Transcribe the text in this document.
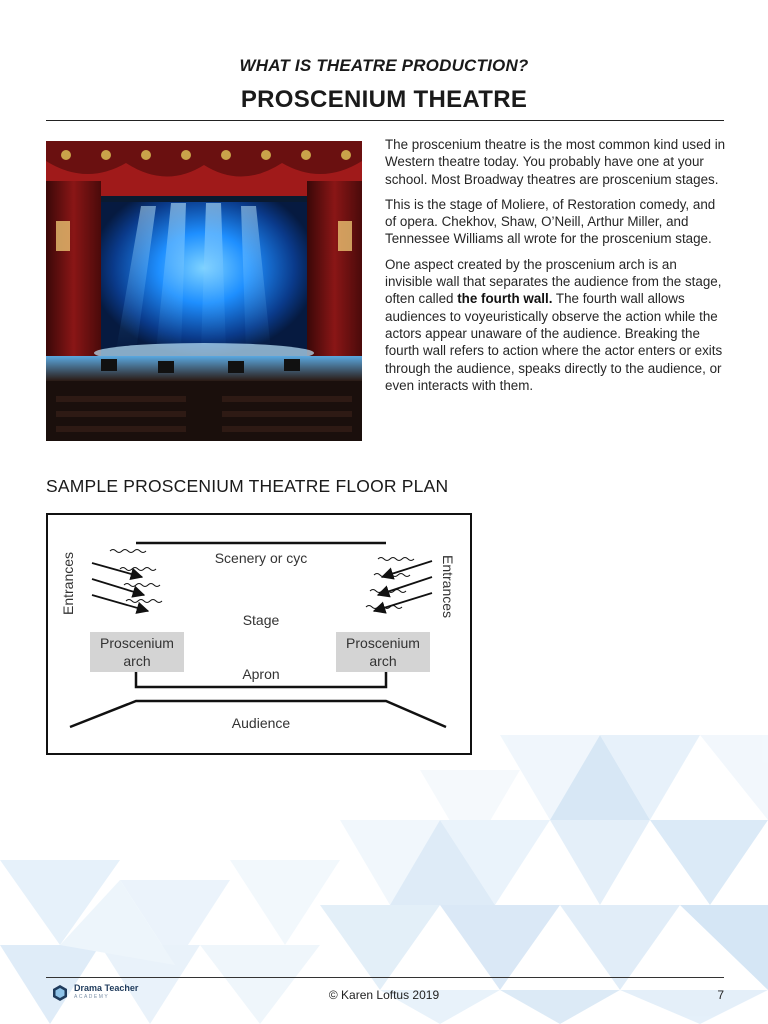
WHAT IS THEATRE PRODUCTION?
PROSCENIUM THEATRE

The proscenium theatre is the most common kind used in Western theatre today. You probably have one at your school. Most Broadway theatres are proscenium stages.

This is the stage of Moliere, of Restoration comedy, and of opera. Chekhov, Shaw, O’Neill, Arthur Miller, and Tennessee Williams all wrote for the proscenium stage.

One aspect created by the proscenium arch is an invisible wall that separates the audience from the stage, often called the fourth wall. The fourth wall allows audiences to voyeuristically observe the action while the actors appear unaware of the audience. Breaking the fourth wall refers to action where the actor enters or exits through the audience, speaks directly to the audience, or even interacts with them.

SAMPLE PROSCENIUM THEATRE FLOOR PLAN
Scenery or cyc
Stage
Apron
Audience
Proscenium
arch
Proscenium
arch
Entrances	Entrances
Drama Teacher
ACADEMY	© Karen Loftus 2019	7
